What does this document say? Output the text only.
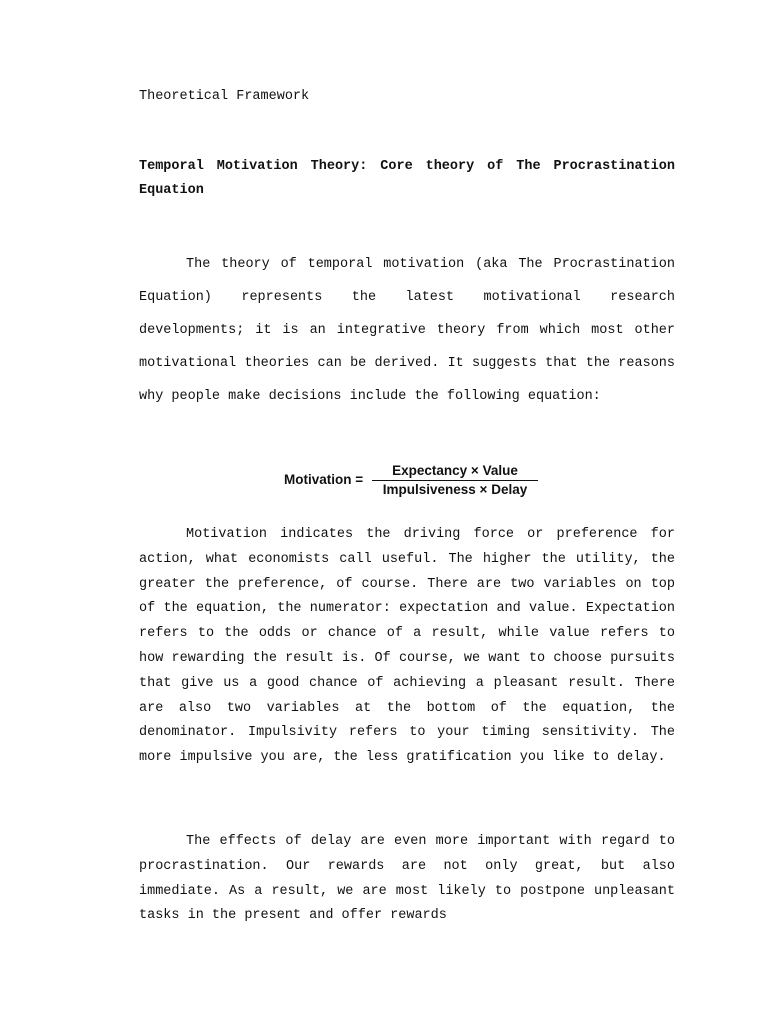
Theoretical Framework
Temporal Motivation Theory: Core theory of The Procrastination Equation

The theory of temporal motivation (aka The Procrastination Equation) represents the latest motivational research developments; it is an integrative theory from which most other motivational theories can be derived. It suggests that the reasons why people make decisions include the following equation:

Motivation =
Expectancy × Value
Impulsiveness × Delay

Motivation indicates the driving force or preference for action, what economists call useful. The higher the utility, the greater the preference, of course. There are two variables on top of the equation, the numerator: expectation and value. Expectation refers to the odds or chance of a result, while value refers to how rewarding the result is. Of course, we want to choose pursuits that give us a good chance of achieving a pleasant result. There are also two variables at the bottom of the equation, the denominator. Impulsivity refers to your timing sensitivity. The more impulsive you are, the less gratification you like to delay.

The effects of delay are even more important with regard to procrastination. Our rewards are not only great, but also immediate. As a result, we are most likely to postpone unpleasant tasks in the present and offer rewards
